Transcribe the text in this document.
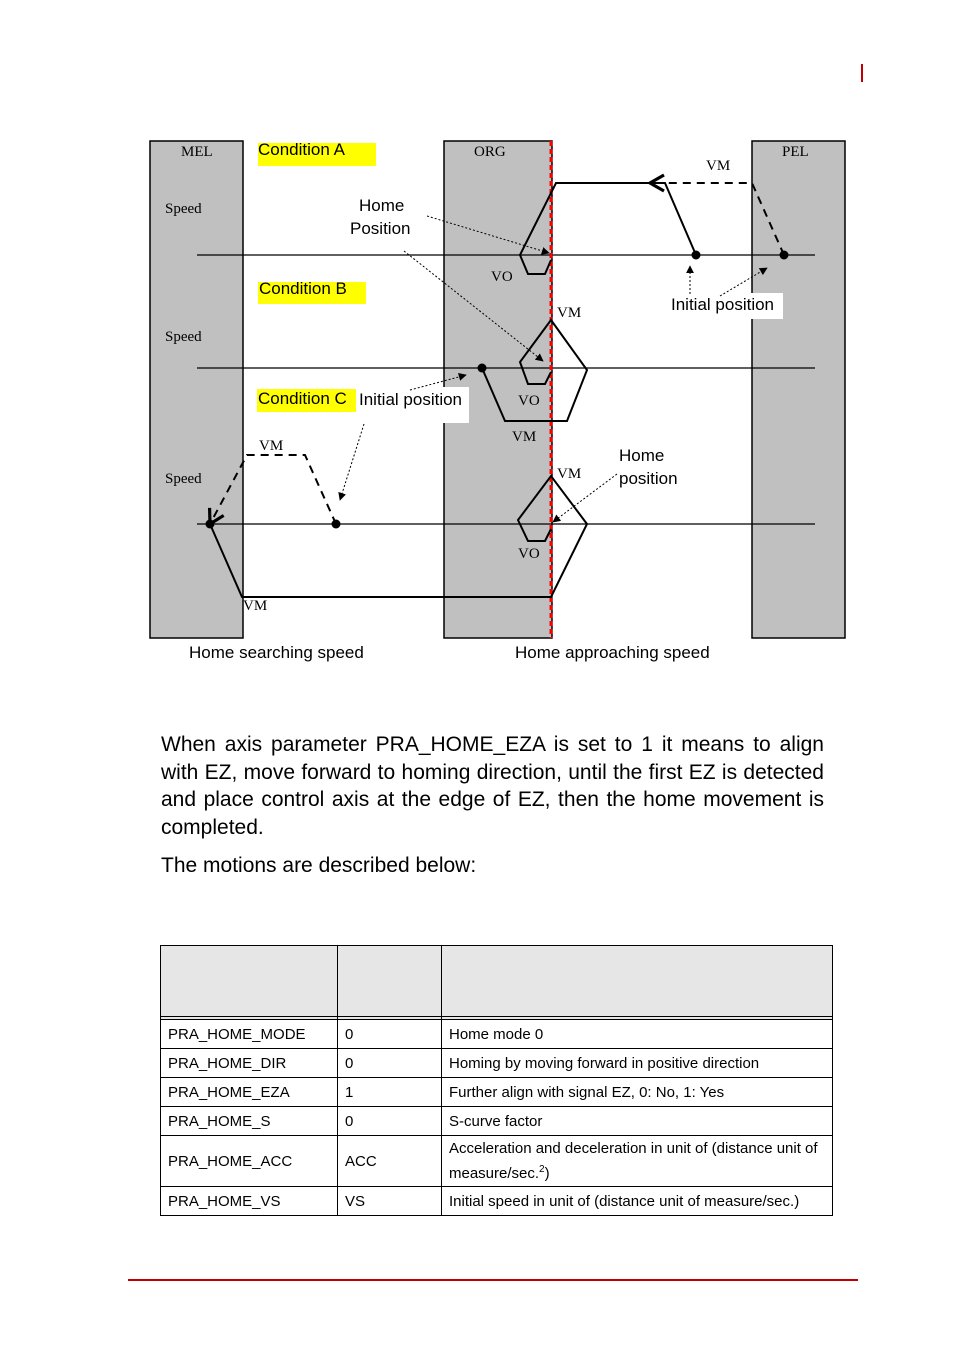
MEL	ORG	PEL
Speed
Speed
Speed
Condition A
Condition B
Condition C
VM
VO
VM
VO
VM
VM
VM
VO
VM
Home
Position
Initial position
Initial position
Home
position
Home searching speed	Home approaching speed

When axis parameter PRA_HOME_EZA is set to 1 it means to align with EZ, move forward to homing direction, until the first EZ is detected and place control axis at the edge of EZ, then the home movement is completed.

The motions are described below:

PRA_HOME_MODE	0	Home mode 0
PRA_HOME_DIR	0	Homing by moving forward in positive direction
PRA_HOME_EZA	1	Further align with signal EZ, 0: No, 1: Yes
PRA_HOME_S	0	S-curve factor
PRA_HOME_ACC	ACC	Acceleration and deceleration in unit of (distance unit of measure/sec.$^2$)
PRA_HOME_VS	VS	Initial speed in unit of (distance unit of measure/sec.)
